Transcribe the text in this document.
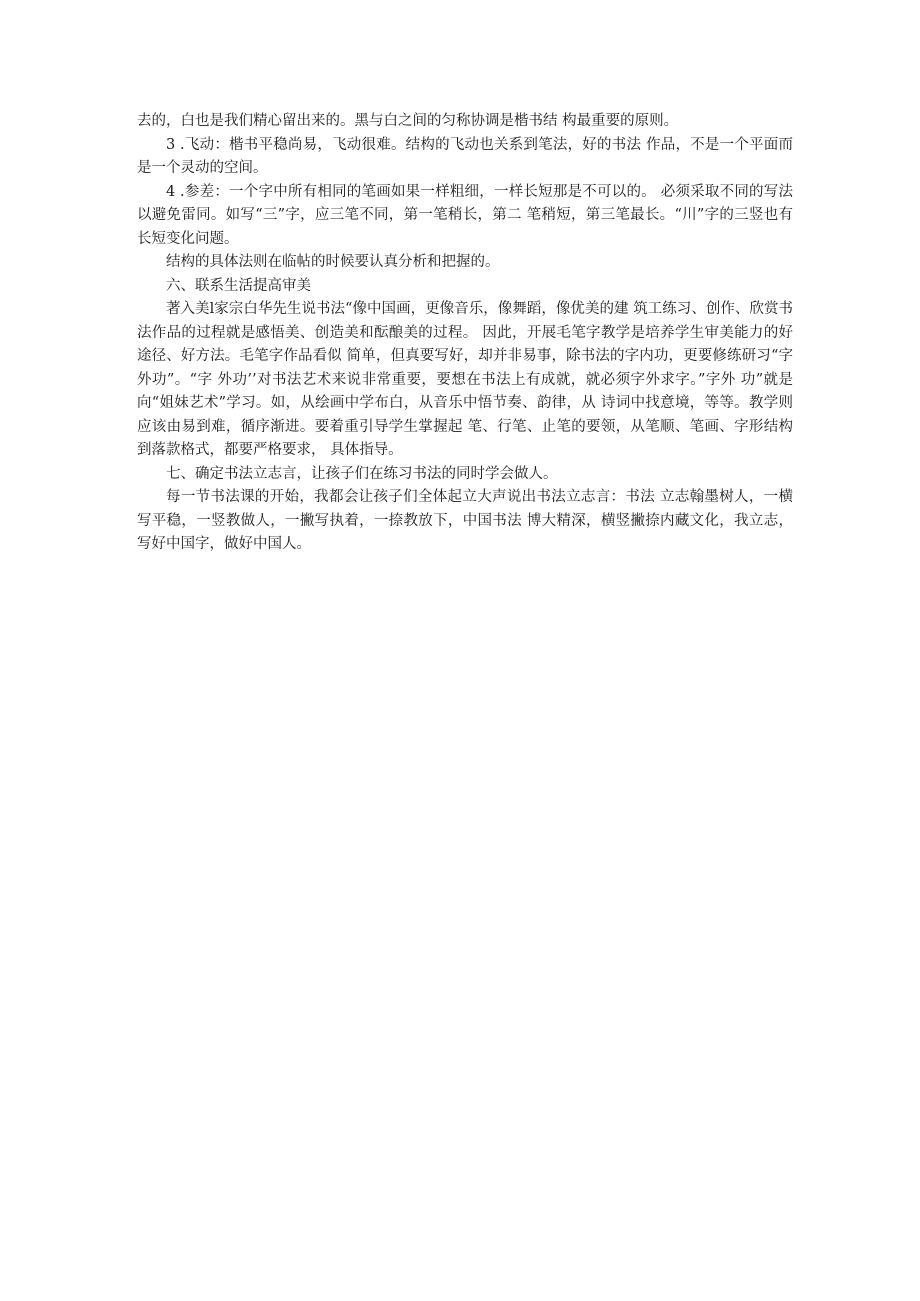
去的，白也是我们精心留出来的。黑与白之间的匀称协调是楷书结 构最重要的原则。

3 .飞动：楷书平稳尚易，飞动很难。结构的飞动也关系到笔法，好的书法 作品，不是一个平面而是一个灵动的空间。

4 .参差：一个字中所有相同的笔画如果一样粗细，一样长短那是不可以的。 必须采取不同的写法以避免雷同。如写“三”字，应三笔不同，第一笔稍长，第二 笔稍短，第三笔最长。“川”字的三竖也有长短变化问题。

结构的具体法则在临帖的时候要认真分析和把握的。

六、联系生活提高审美

著入美l家宗白华先生说书法“像中国画，更像音乐，像舞蹈，像优美的建 筑工练习、创作、欣赏书法作品的过程就是感悟美、创造美和酝酿美的过程。 因此，开展毛笔字教学是培养学生审美能力的好途径、好方法。毛笔字作品看似 简单，但真要写好，却并非易事，除书法的字内功，更要修练研习“字外功”。“字 外功’’对书法艺术来说非常重要，要想在书法上有成就，就必须字外求字。”字外 功”就是向“姐妹艺术”学习。如，从绘画中学布白，从音乐中悟节奏、韵律，从 诗词中找意境，等等。教学则应该由易到难，循序渐进。要着重引导学生掌握起 笔、行笔、止笔的要领，从笔顺、笔画、字形结构到落款格式，都要严格要求， 具体指导。

七、确定书法立志言，让孩子们在练习书法的同时学会做人。

每一节书法课的开始，我都会让孩子们全体起立大声说出书法立志言：书法 立志翰墨树人，一横写平稳，一竖教做人，一撇写执着，一捺教放下，中国书法 博大精深，横竖撇捺内藏文化，我立志，写好中国字，做好中国人。
